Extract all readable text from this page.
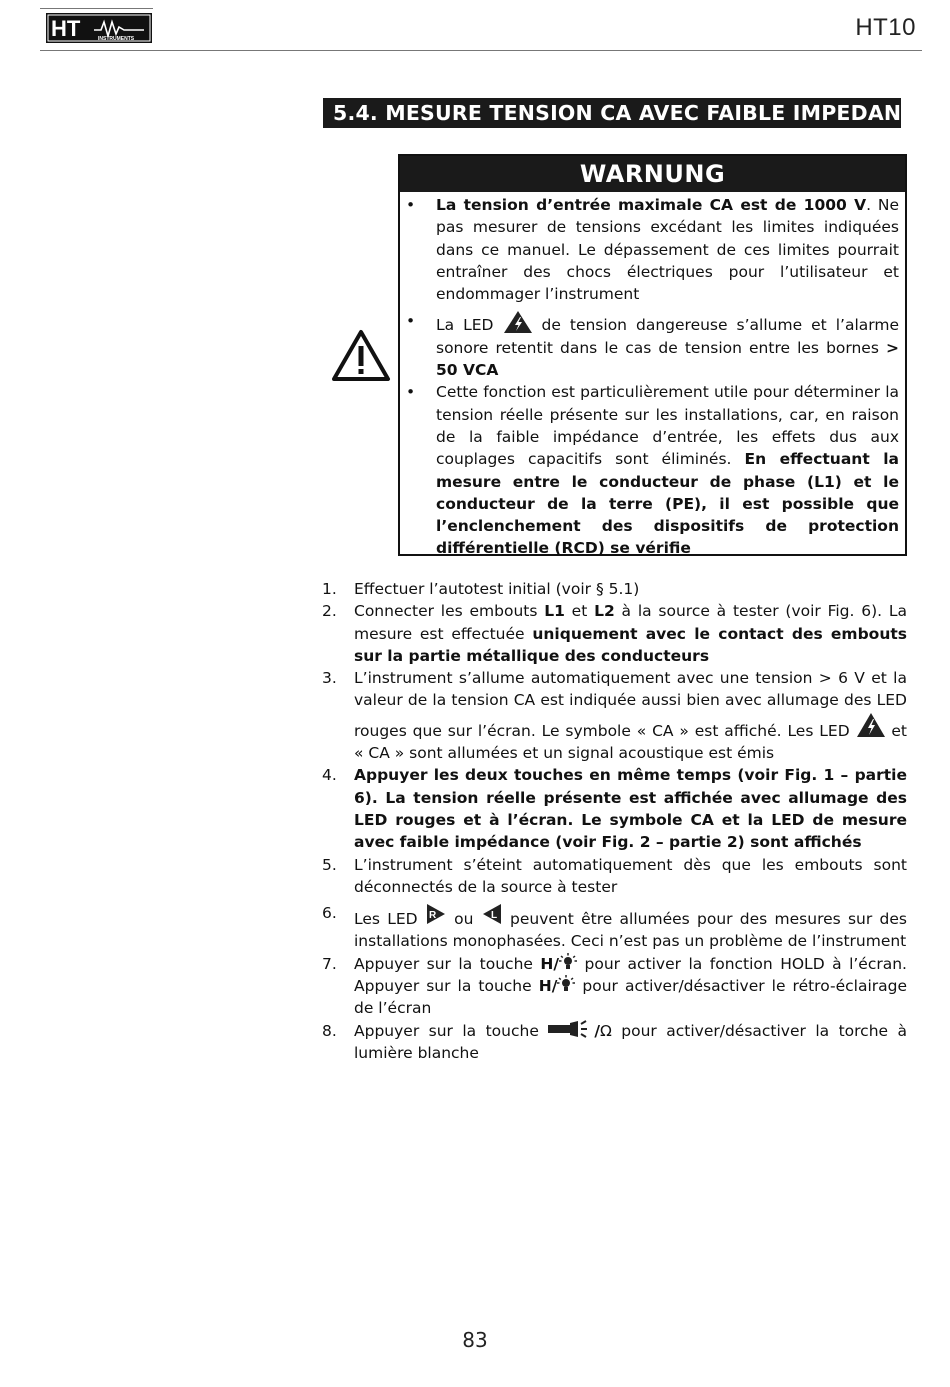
HT	INSTRUMENTS	HT10
5.4. MESURE TENSION CA AVEC FAIBLE IMPEDANCE
WARNUNG
• La tension d’entrée maximale CA est de 1000 V. Ne pas mesurer de tensions excédant les limites indiquées dans ce manuel. Le dépassement de ces limites pourrait entraîner des chocs électriques pour l’utilisateur et endommager l’instrument
• La LED  de tension dangereuse s’allume et l’alarme sonore retentit dans le cas de tension entre les bornes > 50 VCA
• Cette fonction est particulièrement utile pour déterminer la tension réelle présente sur les installations, car, en raison de la faible impédance d’entrée, les effets dus aux couplages capacitifs sont éliminés. En effectuant la mesure entre le conducteur de phase (L1) et le conducteur de la terre (PE), il est possible que l’enclenchement des dispositifs de protection différentielle (RCD) se vérifie
1. Effectuer l’autotest initial (voir § 5.1)
2. Connecter les embouts L1 et L2 à la source à tester (voir Fig. 6). La mesure est effectuée uniquement avec le contact des embouts sur la partie métallique des conducteurs
3. L’instrument s’allume automatiquement avec une tension > 6 V et la valeur de la tension CA est indiquée aussi bien avec allumage des LED rouges que sur l’écran. Le symbole « CA » est affiché. Les LED  et « CA » sont allumées et un signal acoustique est émis
4. Appuyer les deux touches en même temps (voir Fig. 1 – partie 6). La tension réelle présente est affichée avec allumage des LED rouges et à l’écran. Le symbole CA et la LED de mesure avec faible impédance (voir Fig. 2 – partie 2) sont affichés
5. L’instrument s’éteint automatiquement dès que les embouts sont déconnectés de la source à tester
6. Les LED R ou L peuvent être allumées pour des mesures sur des installations monophasées. Ceci n’est pas un problème de l’instrument
7. Appuyer sur la touche H/ pour activer la fonction HOLD à l’écran. Appuyer sur la touche H/ pour activer/désactiver le rétro-éclairage de l’écran
8. Appuyer sur la touche	/Ω pour activer/désactiver la torche à lumière blanche
83
